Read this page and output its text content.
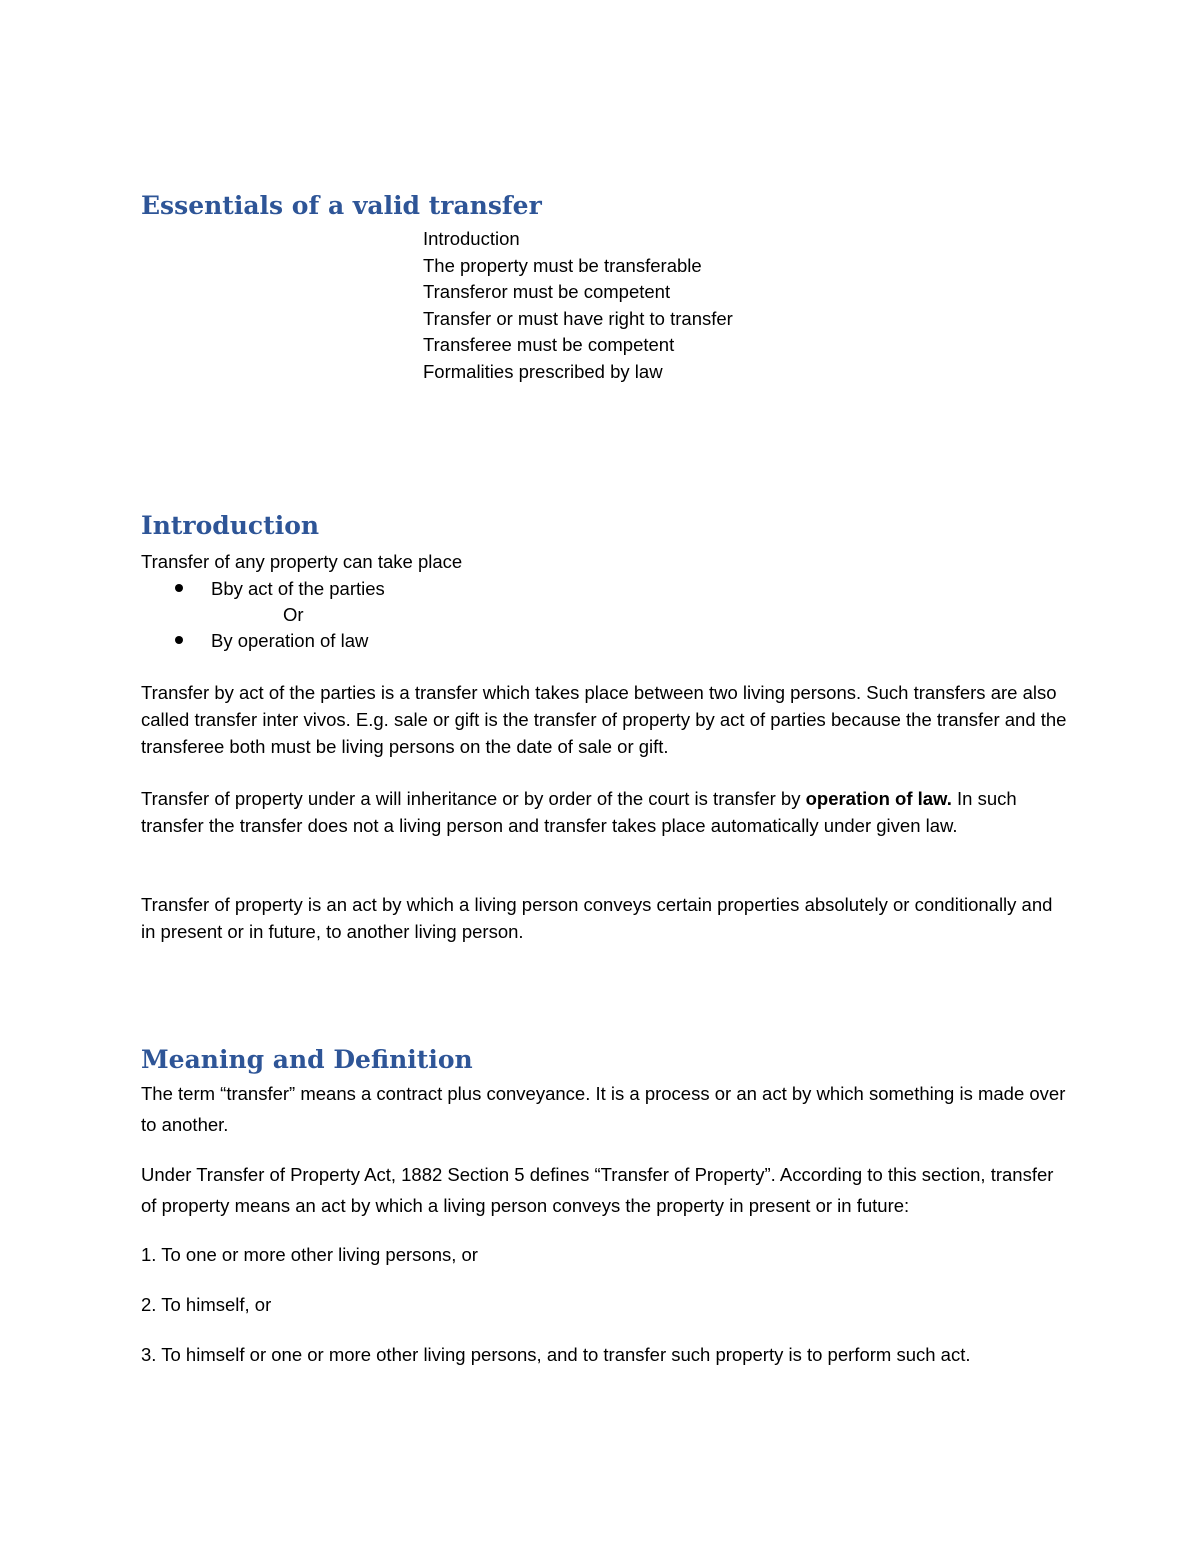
Essentials of a valid transfer
Introduction
The property must be transferable
Transferor must be competent
Transfer or must have right to transfer
Transferee must be competent
Formalities prescribed by law
Introduction

Transfer of any property can take place

Bby act of the parties

Or

By operation of law

Transfer by act of the parties is a transfer which takes place between two living persons. Such transfers are also called transfer inter vivos. E.g. sale or gift is the transfer of property by act of parties because the transfer and the transferee both must be living persons on the date of sale or gift.

Transfer of property under a will inheritance or by order of the court is transfer by operation of law. In such transfer the transfer does not a living person and transfer takes place automatically under given law.

Transfer of property is an act by which a living person conveys certain properties absolutely or conditionally and in present or in future, to another living person.

Meaning and Definition

The term “transfer” means a contract plus conveyance. It is a process or an act by which something is made over to another.

Under Transfer of Property Act, 1882 Section 5 defines “Transfer of Property”. According to this section, transfer of property means an act by which a living person conveys the property in present or in future:

1. To one or more other living persons, or

2. To himself, or

3. To himself or one or more other living persons, and to transfer such property is to perform such act.
